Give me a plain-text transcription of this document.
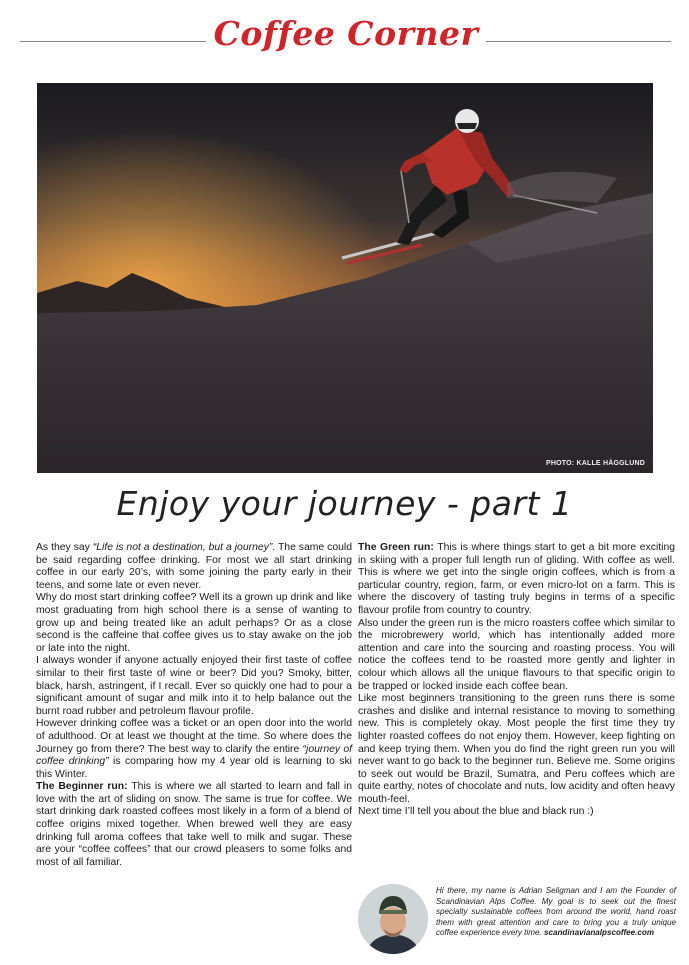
Coffee Corner
PHOTO: KALLE HÄGGLUND
Enjoy your journey - part 1

As they say “Life is not a destination, but a journey”. The same could be said regarding coffee drinking. For most we all start drinking coffee in our early 20’s, with some joining the party early in their teens, and some late or even never.

Why do most start drinking coffee? Well its a grown up drink and like most graduating from high school there is a sense of wanting to grow up and being treated like an adult perhaps? Or as a close second is the caffeine that coffee gives us to stay awake on the job or late into the night.

I always wonder if anyone actually enjoyed their first taste of coffee similar to their first taste of wine or beer? Did you? Smoky, bitter, black, harsh, astringent, if I recall. Ever so quickly one had to pour a significant amount of sugar and milk into it to help balance out the burnt road rubber and petroleum flavour profile.

However drinking coffee was a ticket or an open door into the world of adulthood. Or at least we thought at the time. So where does the Journey go from there? The best way to clarify the entire “journey of coffee drinking” is comparing how my 4 year old is learning to ski this Winter.

The Beginner run: This is where we all started to learn and fall in love with the art of sliding on snow. The same is true for coffee. We start drinking dark roasted coffees most likely in a form of a blend of coffee origins mixed together. When brewed well they are easy drinking full aroma coffees that take well to milk and sugar. These are your “coffee coffees” that our crowd pleasers to some folks and most of all familiar.

The Green run: This is where things start to get a bit more exciting in skiing with a proper full length run of gliding. With coffee as well. This is where we get into the single origin coffees, which is from a particular country, region, farm, or even micro-lot on a farm. This is where the discovery of tasting truly begins in terms of a specific flavour profile from country to country.

Also under the green run is the micro roasters coffee which similar to the microbrewery world, which has intentionally added more attention and care into the sourcing and roasting process. You will notice the coffees tend to be roasted more gently and lighter in colour which allows all the unique flavours to that specific origin to be trapped or locked inside each coffee bean.

Like most beginners transitioning to the green runs there is some crashes and dislike and internal resistance to moving to something new. This is completely okay. Most people the first time they try lighter roasted coffees do not enjoy them. However, keep fighting on and keep trying them. When you do find the right green run you will never want to go back to the beginner run. Believe me. Some origins to seek out would be Brazil, Sumatra, and Peru coffees which are quite earthy, notes of chocolate and nuts, low acidity and often heavy mouth-feel.

Next time I’ll tell you about the blue and black run :)

Hi there, my name is Adrian Seligman and I am the Founder of Scandinavian Alps Coffee. My goal is to seek out the finest specialty sustainable coffees from around the world, hand roast them with great attention and care to bring you a truly unique coffee experience every time. scandinavianalpscoffee.com
